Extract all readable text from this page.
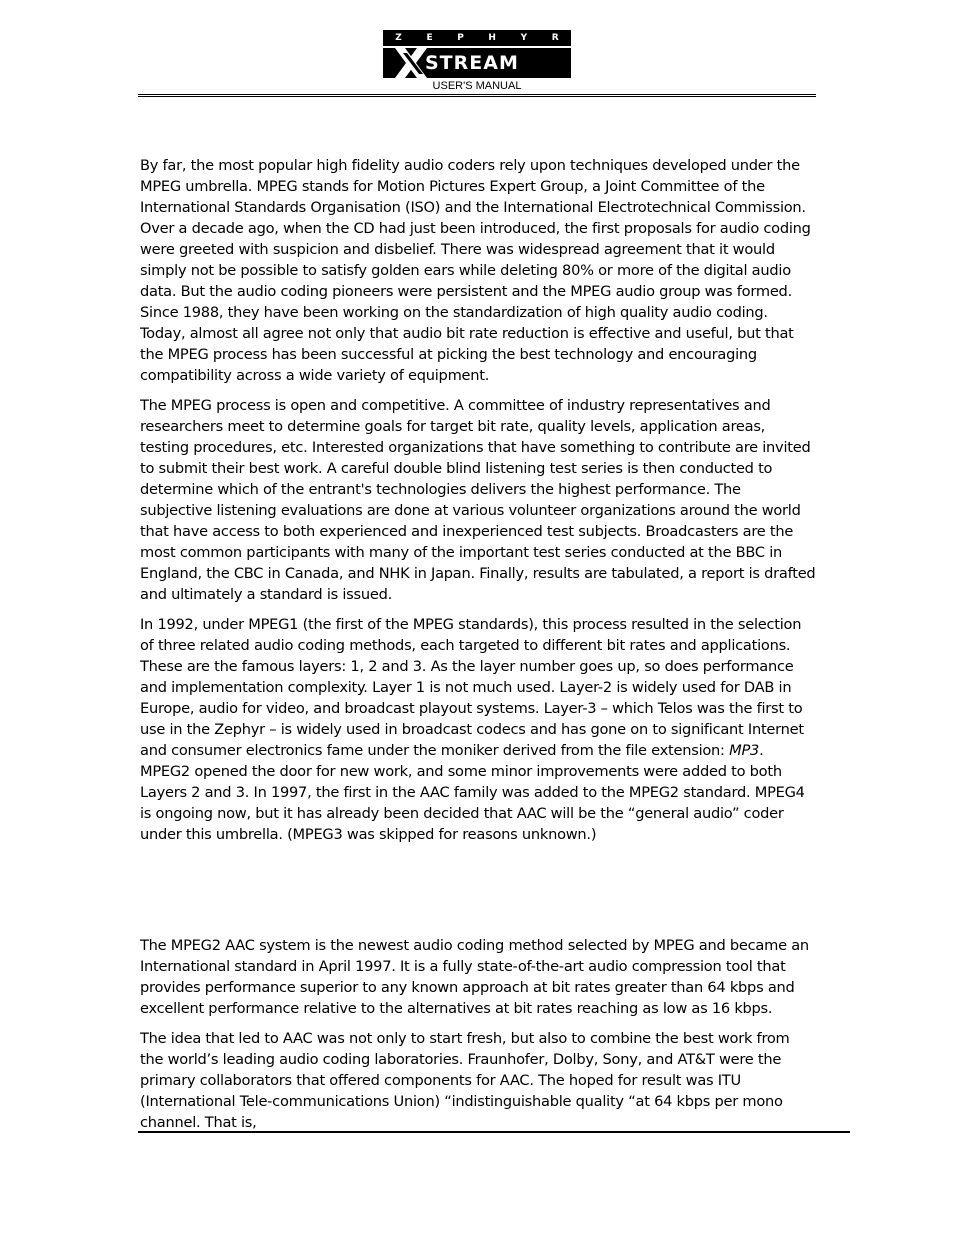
Z	E	P	H	Y	R
STREAM
USER'S MANUAL

By far, the most popular high fidelity audio coders rely upon techniques developed under the MPEG umbrella. MPEG stands for Motion Pictures Expert Group, a Joint Committee of the International Standards Organisation (ISO) and the International Electrotechnical Commission. Over a decade ago, when the CD had just been introduced, the first proposals for audio coding were greeted with suspicion and disbelief. There was widespread agreement that it would simply not be possible to satisfy golden ears while deleting 80% or more of the digital audio data. But the audio coding pioneers were persistent and the MPEG audio group was formed. Since 1988, they have been working on the standardization of high quality audio coding. Today, almost all agree not only that audio bit rate reduction is effective and useful, but that the MPEG process has been successful at picking the best technology and encouraging compatibility across a wide variety of equipment.

The MPEG process is open and competitive. A committee of industry representatives and researchers meet to determine goals for target bit rate, quality levels, application areas, testing procedures, etc. Interested organizations that have something to contribute are invited to submit their best work. A careful double blind listening test series is then conducted to determine which of the entrant's technologies delivers the highest performance. The subjective listening evaluations are done at various volunteer organizations around the world that have access to both experienced and inexperienced test subjects. Broadcasters are the most common participants with many of the important test series conducted at the BBC in England, the CBC in Canada, and NHK in Japan. Finally, results are tabulated, a report is drafted and ultimately a standard is issued.

In 1992, under MPEG1 (the first of the MPEG standards), this process resulted in the selection of three related audio coding methods, each targeted to different bit rates and applications. These are the famous layers: 1, 2 and 3. As the layer number goes up, so does performance and implementation complexity. Layer 1 is not much used. Layer-2 is widely used for DAB in Europe, audio for video, and broadcast playout systems. Layer-3 – which Telos was the first to use in the Zephyr – is widely used in broadcast codecs and has gone on to significant Internet and consumer electronics fame under the moniker derived from the file extension: MP3. MPEG2 opened the door for new work, and some minor improvements were added to both Layers 2 and 3. In 1997, the first in the AAC family was added to the MPEG2 standard. MPEG4 is ongoing now, but it has already been decided that AAC will be the “general audio” coder under this umbrella. (MPEG3 was skipped for reasons unknown.)

The MPEG2 AAC system is the newest audio coding method selected by MPEG and became an International standard in April 1997. It is a fully state-of-the-art audio compression tool that provides performance superior to any known approach at bit rates greater than 64 kbps and excellent performance relative to the alternatives at bit rates reaching as low as 16 kbps.

The idea that led to AAC was not only to start fresh, but also to combine the best work from the world’s leading audio coding laboratories. Fraunhofer, Dolby, Sony, and AT&T were the primary collaborators that offered components for AAC. The hoped for result was ITU (International Tele-communications Union) “indistinguishable quality “at 64 kbps per mono channel. That is,
